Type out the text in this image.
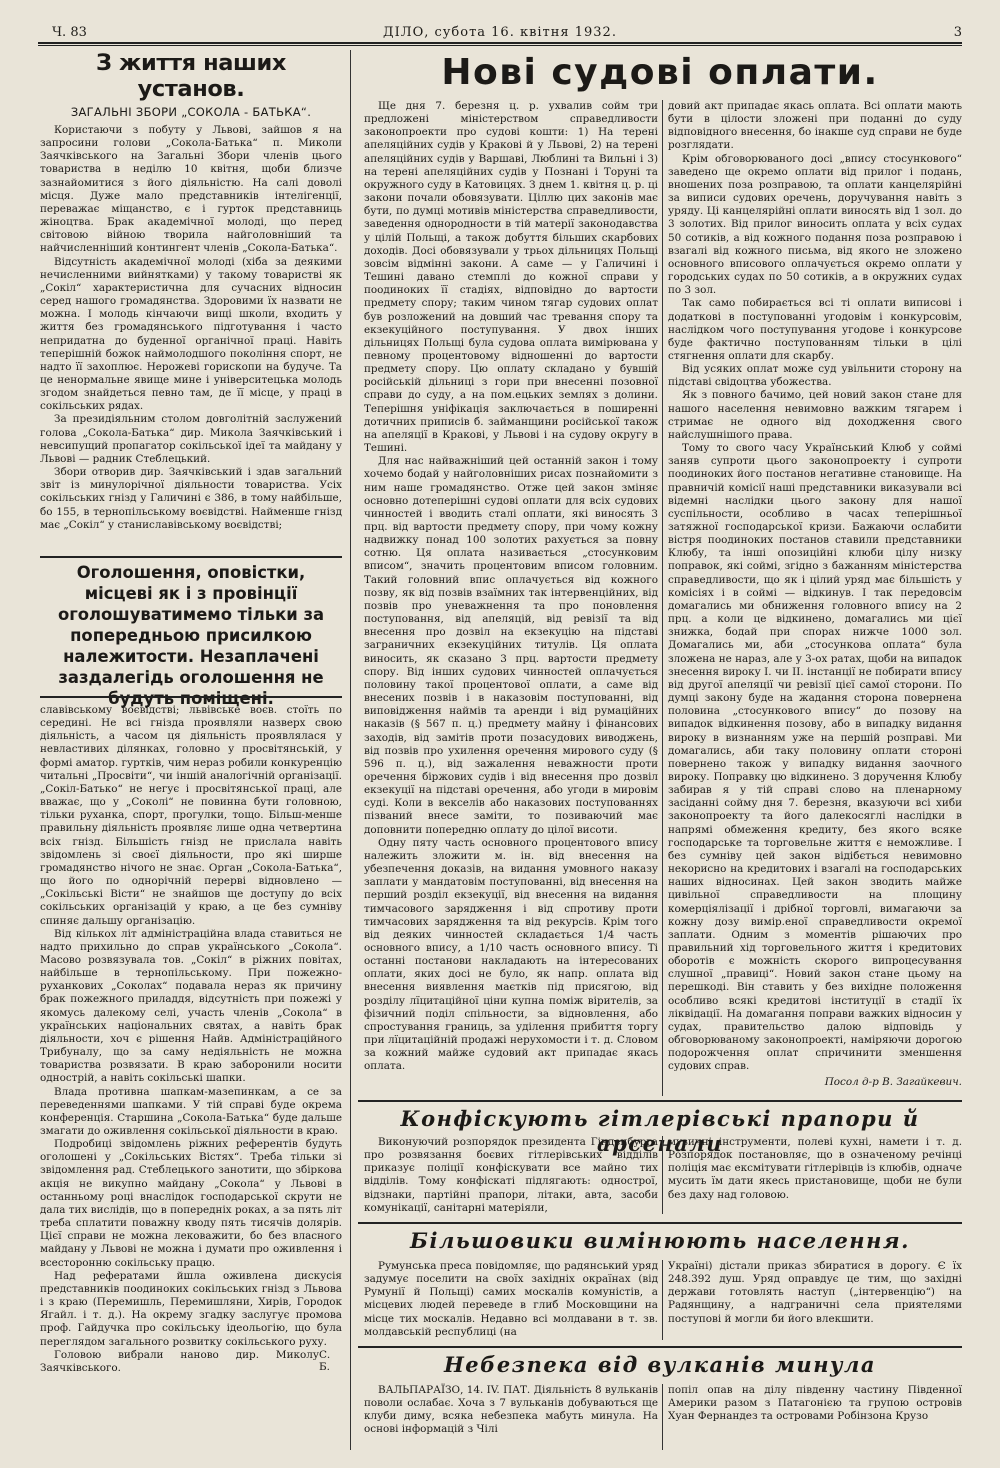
Ч. 83	ДІЛО, субота 16. квітня 1932.	3
З життя наших установ.
ЗАГАЛЬНІ ЗБОРИ „СОКОЛА - БАТЬКА“.

Користаючи з побуту у Львові, зайшов я на запросини голови „Сокола-Батька“ п. Миколи Заячківського на Загальні Збори членів цього товариства в неділю 10 квітня, щоби близче зазнайомитися з його діяльністю. На салі доволі місця. Дуже мало представників інтелігенції, переважає міщанство, є і гурток представниць жіноцтва. Брак академічної молоді, що перед світовою війною творила найголовніший та найчисленніший контингент членів „Сокола-Батька“.

Відсутність академічної молоді (хіба за деякими нечисленними вийнятками) у такому товаристві як „Сокіл“ характеристична для сучасних відносин серед нашого громадянства. Здоровими їх назвати не можна. І молодь кінчаючи вищі школи, входить у життя без громадянського підготування і часто непридатна до буденної органічної праці. Навіть теперішній божок наймолодшого покоління спорт, не надто її захоплює. Нерожеві горископи на будуче. Та це ненормальне явище мине і університецька молодь згодом знайдеться певно там, де її місце, у праці в сокільських рядах.

За президіяльним столом довголітній заслужений голова „Сокола-Батька“ дир. Микола Заячківський і невсипущий пропагатор сокільської ідеї та майдану у Львові — радник Стеблецький.

Збори отворив дир. Заячківський і здав загальний звіт із минулорічної діяльности товариства. Усіх сокільських гнізд у Галичині є 386, в тому найбільше, бо 155, в тернопільському воєвідстві. Найменше гнізд має „Сокіл“ у станиславівському воєвідстві;

Оголошення, оповістки, місцеві як і з провінції оголошуватимемо тільки за попередньою присилкою належитости. Незаплачені заздалегідь оголошення не будуть поміщені.

славівському воєвідстві; львівське воєв. стоїть по середині. Не всі гнізда проявляли назверх свою діяльність, а часом ця діяльність проявлялася у невластивих ділянках, головно у просвітянській, у формі аматор. гуртків, чим нераз робили конкуренцію читальні „Просвіти“, чи іншій аналогічній організації. „Сокіл-Батько“ не негує і просвітянської праці, але вважає, що у „Соколі“ не повинна бути головною, тільки руханка, спорт, прогулки, тощо. Більш-менше правильну діяльність проявляє лише одна четвертина всіх гнізд. Більшість гнізд не прислала навіть звідомлень зі своєї діяльности, про які ширше громадянство нічого не знає. Орган „Сокола-Батька“, що його по однорічній перерві відновлено — „Сокільські Вісти“ не знайшов ще доступу до всіх сокільських організацій у краю, а це без сумніву спиняє дальшу організацію.

Від кількох літ адміністраційна влада ставиться не надто прихильно до справ українського „Сокола“. Масово розвязувала тов. „Сокіл“ в ріжних повітах, найбільше в тернопільському. При пожежно-руханкових „Соколах“ подавала нераз як причину брак пожежного приладдя, відсутність при пожежі у якомусь далекому селі, участь членів „Сокола“ в українських національних святах, а навіть брак діяльности, хоч є рішення Найв. Адміністраційного Трибуналу, що за саму недіяльність не можна товариства розвязати. В краю заборонили носити однострій, а навіть сокільські шапки.

Влада противна шапкам-мазепинкам, а се за переведеннями шапками. У тій справі буде окрема конференція. Старшина „Сокола-Батька“ буде дальше змагати до оживлення сокільської діяльности в краю.

Подробиці звідомлень ріжних референтів будуть оголошені у „Сокільських Вістях“. Треба тільки зі звідомлення рад. Стеблецького занотити, що збіркова акція не викупно майдану „Сокола“ у Львові в останньому році внаслідок господарської скрути не дала тих вислідів, що в попередніх роках, а за пять літ треба сплатити поважну кводу пять тисячів долярів. Цієї справи не можна лековажити, бо без власного майдану у Львові не можна і думати про оживлення і всесторонню сокільську працю.

Над рефератами йшла оживлена дискусія представників поодиноких сокільських гнізд з Львова і з краю (Перемишль, Перемишляни, Хирів, Городок Ягайл. і т. д.). На окрему згадку заслугує промова проф. Гайдучка про сокільську ідеольогію, що була переглядом загального розвитку сокільського руху.

Головою вибрали наново дир. Миколу Заячківського.
С. Б.
Нові судові оплати.

Ще дня 7. березня ц. р. ухвалив сойм три предложені міністерством справедливости законопроекти про судові кошти: 1) На терені апеляційних судів у Кракові й у Львові, 2) на терені апеляційних судів у Варшаві, Люблині та Вильні і 3) на терені апеляційних судів у Познані і Торуні та окружного суду в Катовицях. З днем 1. квітня ц. р. ці закони почали обовязувати. Ціллю цих законів має бути, по думці мотивів міністерства справедливости, заведення однородности в тій матерії законодавства у цілій Польщі, а також добуття більших скарбових доходів. Досі обовязували у трьох дільницях Польщі зовсім відмінні закони. А саме — у Галичині і Тешині давано стемплі до кожної справи у поодиноких її стадіях, відповідно до вартости предмету спору; таким чином тягар судових оплат був розложений на довший час тревання спору та екзекуційного поступування. У двох інших дільницях Польщі була судова оплата вимірювана у певному процентовому відношенні до вартости предмету спору. Цю оплату складано у бувшій російській дільниці з гори при внесенні позовної справи до суду, а на пом.ецьких землях з долини. Теперішня уніфікація заключається в поширенні дотичних приписів б. займанщини російської також на апеляції в Кракові, у Львові і на судову округу в Тешині.

Для нас найважніший цей останній закон і тому хочемо бодай у найголовніших рисах познайомити з ним наше громадянство. Отже цей закон зміняє основно дотеперішні судові оплати для всіх судових чинностей і вводить сталі оплати, які виносять 3 прц. від вартости предмету спору, при чому кожну надвижку понад 100 золотих рахується за повну сотню. Ця оплата називається „стосунковим вписом“, значить процентовим вписом головним. Такий головний впис оплачується від кожного позву, як від позвів взаїмних так інтервенційних, від позвів про уневажнення та про поновлення поступовання, від апеляцій, від ревізії та від внесення про дозвіл на екзекуцію на підставі заграничних екзекуційних титулів. Ця оплата виносить, як сказано 3 прц. вартости предмету спору. Від інших судових чинностей оплачується половину такої процентової оплати, а саме від внесених позвів і в наказовім поступованні, від виповідження наймів та аренди і від румаційних наказів (§ 567 п. ц.) предмету майну і фінансових заходів, від замітів проти позасудових виводжень, від позвів про ухилення оречення мирового суду (§ 596 п. ц.), від зажалення неважности проти оречення біржових судів і від внесення про дозвіл екзекуції на підставі оречення, або угоди в мировім суді. Коли в векселів або наказових поступованнях пізваний внесе заміти, то позиваючий має доповнити попередню оплату до цілої висоти.

Одну пяту часть основного процентового впису належить зложити м. ін. від внесення на убезпечення доказів, на видання умовного наказу заплати у мандатовім поступованні, від внесення на перший розділ екзекуції, від внесення на видання тимчасового зарядження і від спротиву проти тимчасових зарядження та від рекурсів. Крім того від деяких чинностей складається 1/4 часть основного впису, а 1/10 часть основного впису. Ті останні постанови накладають на інтересованих оплати, яких досі не було, як напр. оплата від внесення виявлення маєтків під присягою, від розділу лїцитаційної ціни купна поміж вірителів, за фізичний поділ спільности, за відновлення, або спростування границь, за уділення прибиття торгу при лїцитаційній продажі нерухомости і т. д. Словом за кожний майже судовий акт припадає якась оплата.

довий акт припадає якась оплата. Всі оплати мають бути в цілости зложені при поданні до суду відповідного внесення, бо інакше суд справи не буде розглядати.

Крім обговорюваного досі „впису стосункового“ заведено ще окремо оплати від прилог і подань, вношених поза розправою, та оплати канцелярійні за виписи судових оречень, доручування навіть з уряду. Ці канцелярійні оплати виносять від 1 зол. до 3 золотих. Від прилог виносить оплата у всіх судах 50 сотиків, а від кожного подання поза розправою і взагалі від кожного письма, від якого не зложено основного вписового оплачується окремо оплати у городських судах по 50 сотиків, а в окружних судах по 3 зол.

Так само побирається всі ті оплати виписові і додаткові в поступованні угодовім і конкурсовім, наслідком чого поступування угодове і конкурсове буде фактично поступованням тільки в цілі стягнення оплати для скарбу.

Від усяких оплат може суд увільнити сторону на підставі свідоцтва убожества.

Як з повного бачимо, цей новий закон стане для нашого населення невимовно важким тягарем і стримає не одного від доходження свого найслушнішого права.

Тому то свого часу Український Клюб у соймі заняв супроти цього законопроекту і супроти поодиноких його постанов негативне становище. На правничій комісії наші представники виказували всі відемні наслідки цього закону для нашої суспільности, особливо в часах теперішньої затяжної господарської кризи. Бажаючи ослабити вістря поодиноких постанов ставили представники Клюбу, та інші опозиційні клюби цілу низку поправок, які соймі, згідно з бажанням міністерства справедливости, що як і цілий уряд має більшість у комісіях і в соймі — відкинув. І так передовсім домагались ми обниження головного впису на 2 прц. а коли це відкинено, домагались ми цієї знижка, бодай при спорах нижче 1000 зол. Домагались ми, аби „стосункова оплата“ була зложена не нараз, але у 3-ох ратах, щоби на випадок знесення вироку І. чи ІІ. інстанції не побирати впису від другої апеляції чи ревізії цієї самої сторони. По думці закону буде на жадання сторона повернена половина „стосункового впису“ до позову на випадок відкинення позову, або в випадку видання вироку в визнанням уже на першій розправі. Ми домагались, аби таку половину оплати стороні повернено також у випадку видання заочного вироку. Поправку цю відкинено. З доручення Клюбу забирав я у тій справі слово на пленарному засіданні сойму дня 7. березня, вказуючи всі хиби законопроекту та його далекосяглі наслідки в напрямі обмеження кредиту, без якого всяке господарське та торговельне життя є неможливе. І без сумніву цей закон відібється невимовно некорисно на кредитових і взагалі на господарських наших відносинах. Цей закон зводить майже цивільної справедливости на площину комерціялізації і дрібної торговлі, вимагаючи за кожну дозу вимір.еної справедливости окремої заплати. Одним з моментів рішаючих про правильний хід торговельного життя і кредитових оборотів є можність скорого випроцесування слушної „правиці“. Новий закон стане цьому на перешкоді. Він ставить у без вихідне положення особливо всякі кредитові інституції в стадії їх ліквідації. На домагання поправи важких відносин у судах, правительство далою відповідь у обговорюваному законопроекті, наміряючи дорогою подорожчення оплат спричинити зменшення судових справ.

Посол д-р В. Загайкевич.

Конфіскують гітлерівські прапори й арсенали

Виконуючий розпорядок президента Гінденбурга про розвязання боєвих гітлерівських відділів приказує поліції конфіскувати все майно тих відділів. Тому конфіскаті підлягають: однострої, відзнаки, партійні прапори, літаки, авта, засоби комунікації, санітарні матеріяли,

музичні інструменти, полеві кухні, намети і т. д. Розпорядок постановляє, що в означеному речінці поліція має ексмітувати гітлерівців із клюбів, одначе мусить їм дати якесь пристановище, щоби не були без даху над головою.

Більшовики вимінюють населення.

Румунська преса повідомляє, що радянський уряд задумує поселити на своїх західніх окраїнах (від Румунії й Польщі) самих москалів комуністів, а місцевих людей переведе в глиб Московщини на місце тих москалів. Недавно всі молдавани в т. зв. молдавській республиці (на

Україні) дістали приказ збиратися в дорогу. Є їх 248.392 душ. Уряд оправдує це тим, що західні держави готовлять наступ („інтервенцію“) на Радянщину, а надграничні села приятелями поступові й могли би його влекшити.

Небезпека від вулканів минула

ВАЛЬПАРАЇЗО, 14. IV. ПАТ. Діяльність 8 вульканів поволи ослабає. Хоча з 7 вульканів добуваються ще клуби диму, всяка небезпека мабуть минула. На основі інформацій з Чілі

попіл опав на ділу південну частину Південної Америки разом з Патагонією та групою островів Хуан Фернандез та островами Робінзона Крузо
